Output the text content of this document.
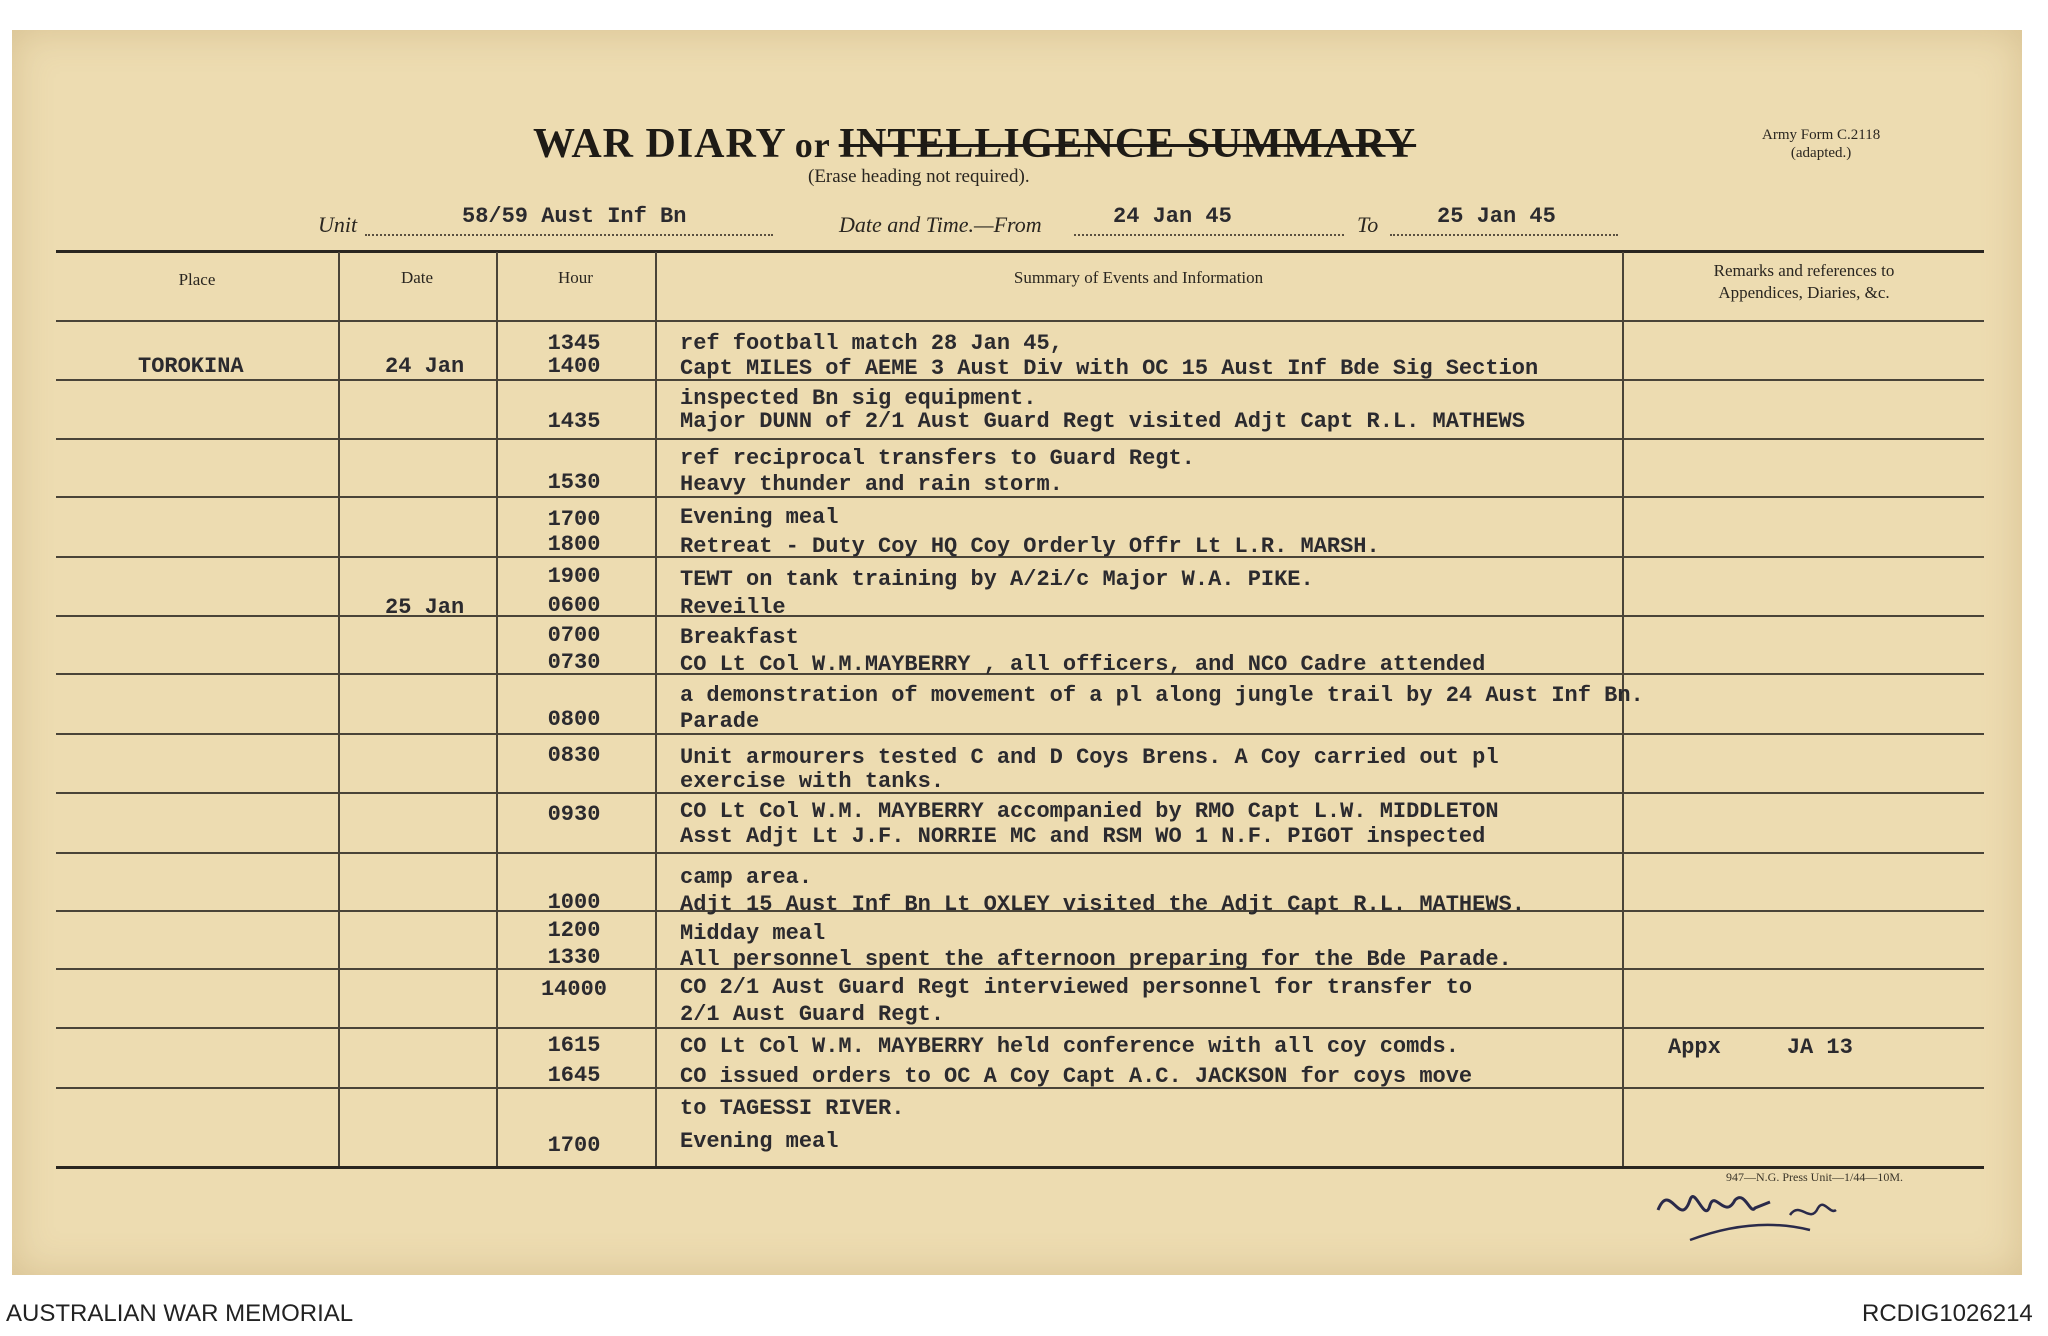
WAR DIARY or INTELLIGENCE SUMMARY
(Erase heading not required).
Army Form C.2118
(adapted.)
Unit	58/59 Aust Inf Bn	Date and Time.—From	24 Jan 45	To	25 Jan 45
Place	Date	Hour	Summary of Events and Information	Remarks and references to
Appendices, Diaries, &c.
1345	ref football match 28 Jan 45,
TOROKINA	24 Jan	1400	Capt MILES of AEME 3 Aust Div with OC 15 Aust Inf Bde Sig Section
inspected Bn sig equipment.
1435	Major DUNN of 2/1 Aust Guard Regt visited Adjt Capt R.L. MATHEWS
ref reciprocal transfers to Guard Regt.
1530	Heavy thunder and rain storm.
1700	Evening meal
1800	Retreat - Duty Coy HQ Coy Orderly Offr Lt L.R. MARSH.
1900	TEWT on tank training by A/2i/c Major W.A. PIKE.
25 Jan	0600	Reveille
0700	Breakfast
0730	CO Lt Col W.M.MAYBERRY , all officers, and NCO Cadre attended
a demonstration of movement of a pl along jungle trail by 24 Aust Inf Bn.
0800	Parade
0830	Unit armourers tested C and D Coys Brens. A Coy carried out pl
exercise with tanks.
0930	CO Lt Col W.M. MAYBERRY accompanied by RMO Capt L.W. MIDDLETON
Asst Adjt Lt J.F. NORRIE MC and RSM WO 1 N.F. PIGOT inspected
camp area.
1000	Adjt 15 Aust Inf Bn Lt OXLEY visited the Adjt Capt R.L. MATHEWS.
1200	Midday meal
1330	All personnel spent the afternoon preparing for the Bde Parade.
14000	CO 2/1 Aust Guard Regt interviewed personnel for transfer to
2/1 Aust Guard Regt.
1615	CO Lt Col W.M. MAYBERRY held conference with all coy comds.	Appx     JA 13
1645	CO issued orders to OC A Coy Capt A.C. JACKSON for coys move
to TAGESSI RIVER.
1700	Evening meal
947—N.G. Press Unit—1/44—10M.
AUSTRALIAN WAR MEMORIAL	RCDIG1026214
